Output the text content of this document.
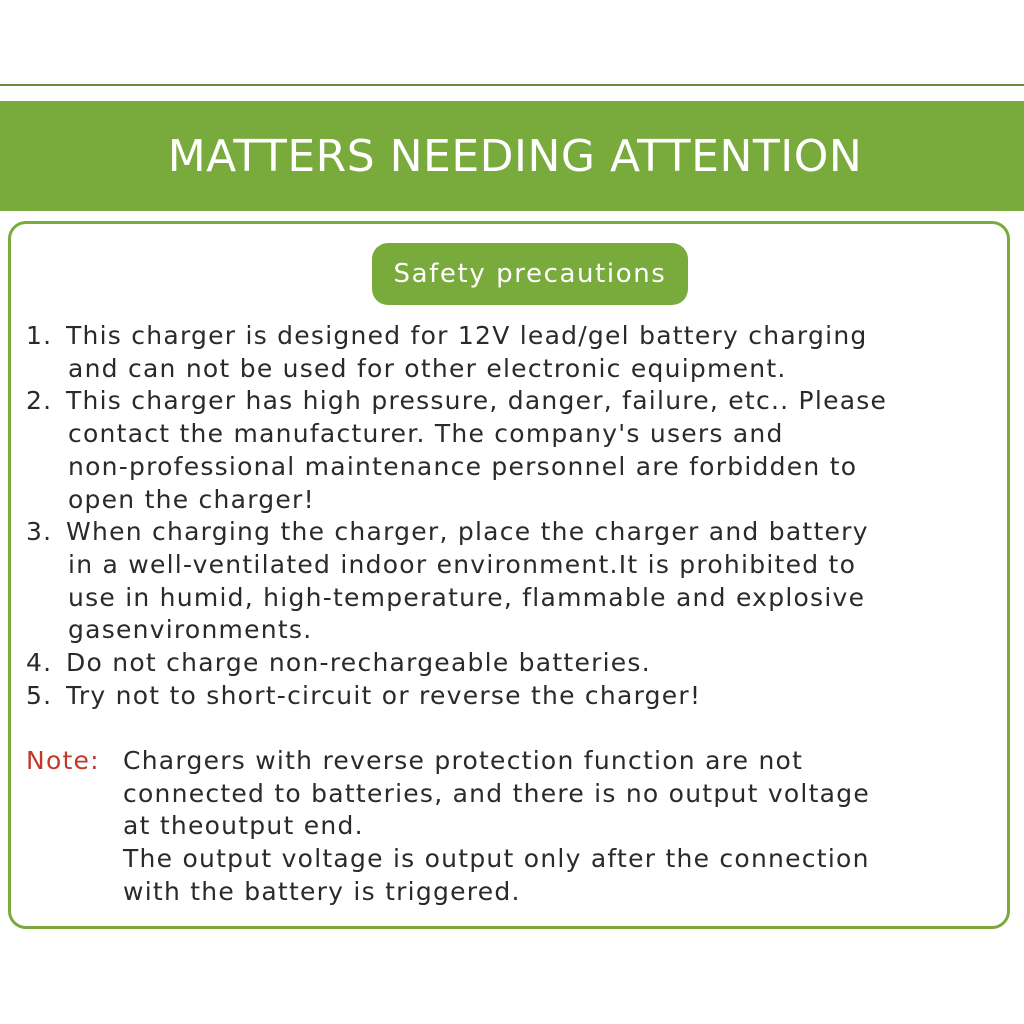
MATTERS NEEDING ATTENTION
Safety precautions
1. This charger is designed for 12V lead/gel battery charging
and can not be used for other electronic equipment.
2. This charger has high pressure, danger, failure, etc.. Please
contact the manufacturer. The company's users and
non-professional maintenance personnel are forbidden to
open the charger!
3. When charging the charger, place the charger and battery
in a well-ventilated indoor environment.It is prohibited to
use in humid, high-temperature, flammable and explosive
gasenvironments.
4. Do not charge non-rechargeable batteries.
5. Try not to short-circuit or reverse the charger!
Note: Chargers with reverse protection function are not
connected to batteries, and there is no output voltage
at theoutput end.
The output voltage is output only after the connection
with the battery is triggered.
